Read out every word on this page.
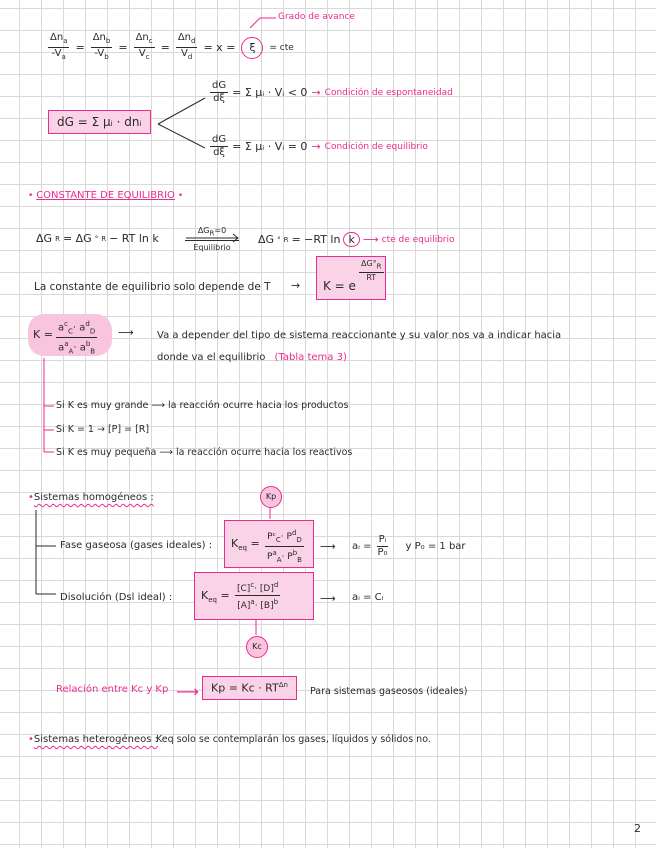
Grado de avance
$\frac{\Delta n_a}{-V_a} = \frac{\Delta n_b}{-V_b} = \frac{\Delta n_c}{V_c} = \frac{\Delta n_d}{V_d} = x$ =	ξ	= cte
dG = Σ μᵢ · dnᵢ
$\frac{dG}{d\xi} = \Sigma$ μᵢ · Vᵢ < 0 → Condición de espontaneidad
$\frac{dG}{d\xi} = \Sigma$ μᵢ · Vᵢ = 0 → Condición de equilibrio
• CONSTANTE DE EQUILIBRIO •
ΔG R = ΔG ° R − RT ln k
ΔGR=0
Equilibrio
ΔG ° R = −RT ln k ⟶ cte de equilibrio
La constante de equilibrio solo depende de T → K = e
$\frac{\Delta G^\circ R}{RT}$
K =
$a^c_C\cdot a^d_D$
$a^a_A\cdot a^b_B$
⟶ Va a depender del tipo de sistema reaccionante y su valor nos va a indicar hacia
donde va el equilibrio (Tabla tema 3)
Si K es muy grande ⟶ la reacción ocurre hacia los productos
Si K = 1 → [P] = [R]
Si K es muy pequeña ⟶ la reacción ocurre hacia los reactivos
•Sistemas homogéneos :	Kp
Fase gaseosa (gases ideales) : $K_{eq}$ = Pᶜ$_C$· $P^d_D$
$P^a_A\cdot P^b_B$
⟶ aᵢ = $\frac{\text{Pᵢ}}{\text{P₀}}$ y P₀ = 1 bar
Disolución (Dsl ideal) :	$K_{eq} = \frac{[C]^c\cdot [D]^d}{[A]^a\cdot [B]^b}$	⟶ aᵢ = Cᵢ
Kc
Relación entre Kc y Kp ⟶	$Kp = Kc \cdot RT^{\Delta n}$
Para sistemas gaseosos (ideales)
•Sistemas heterogéneos :
Keq solo se contemplarán los gases, líquidos y sólidos no.
2
